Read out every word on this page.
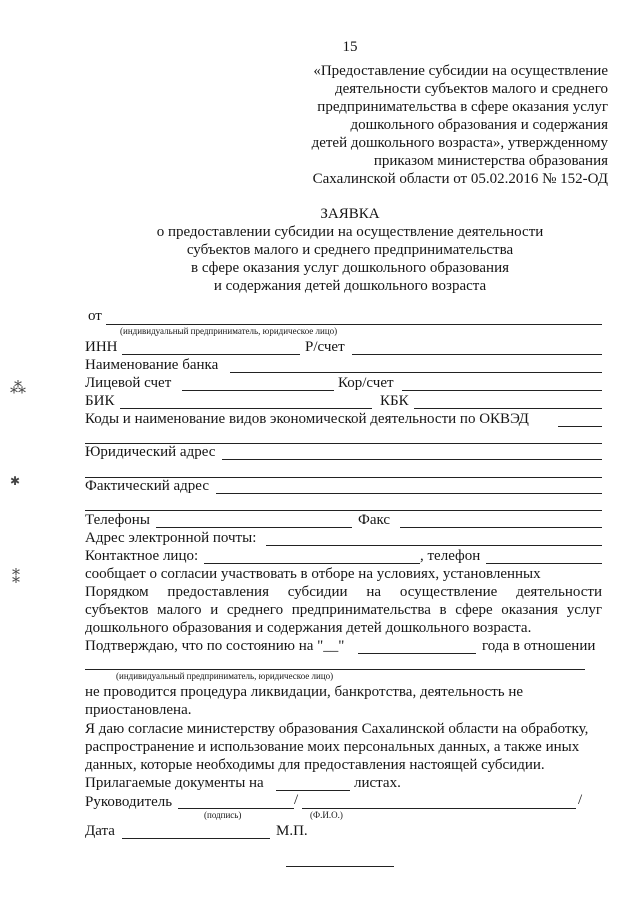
15
«Предоставление субсидии на осуществление
деятельности субъектов малого и среднего
предпринимательства в сфере оказания услуг
дошкольного образования и содержания
детей дошкольного возраста», утвержденному
приказом министерства образования
Сахалинской области от 05.02.2016 № 152-ОД
ЗАЯВКА
о предоставлении субсидии на осуществление деятельности
субъектов малого и среднего предпринимательства
в сфере оказания услуг дошкольного образования
и содержания детей дошкольного возраста
от
(индивидуальный предприниматель, юридическое лицо)
ИНН	Р/счет
Наименование банка
Лицевой счет	Кор/счет
БИК	КБК
Коды и наименование видов экономической деятельности по ОКВЭД
Юридический адрес
Фактический адрес
Телефоны	Факс
Адрес электронной почты:
Контактное лицо:	, телефон
сообщает о согласии участвовать в отборе на условиях, установленных
Порядком предоставления субсидии на осуществление деятельности
субъектов малого и среднего предпринимательства в сфере оказания услуг
дошкольного образования и содержания детей дошкольного возраста.
Подтверждаю, что по состоянию на "__"	года в отношении
(индивидуальный предприниматель, юридическое лицо)
не проводится процедура ликвидации, банкротства, деятельность не
приостановлена.
Я даю согласие министерству образования Сахалинской области на обработку,
распространение и использование моих персональных данных, а также иных
данных, которые необходимы для предоставления настоящей субсидии.
Прилагаемые документы на	листах.
Руководитель	/	/
(подпись)	(Ф.И.О.)
Дата	М.П.
⁂
✱
⁑
